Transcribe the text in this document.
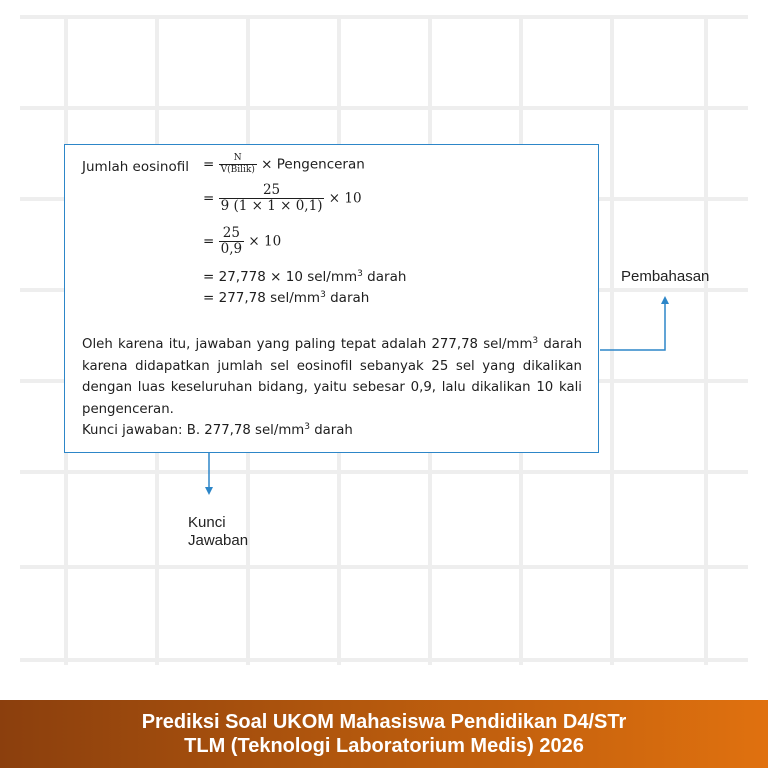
Jumlah eosinofil = $\frac{N}{\text{V(Bilik)}}$ × Pengenceran
= $\frac{25}{9 (1 \times 1 \times 0,1)} \times 10$
= $\frac{25}{0,9} \times 10$
= 27,778 × 10 sel/$mm^3$ darah
= 277,78 sel/$mm^3$ darah
Oleh karena itu, jawaban yang paling tepat adalah 277,78 sel/$mm^3$ darah
karena didapatkan jumlah sel eosinofil sebanyak 25 sel yang dikalikan
dengan luas keseluruhan bidang, yaitu sebesar 0,9, lalu dikalikan 10 kali
pengenceran.
Kunci jawaban: B. 277,78 sel/$mm^3$ darah
Pembahasan
Kunci
Jawaban
Prediksi Soal UKOM Mahasiswa Pendidikan D4/STr
TLM (Teknologi Laboratorium Medis) 2026
